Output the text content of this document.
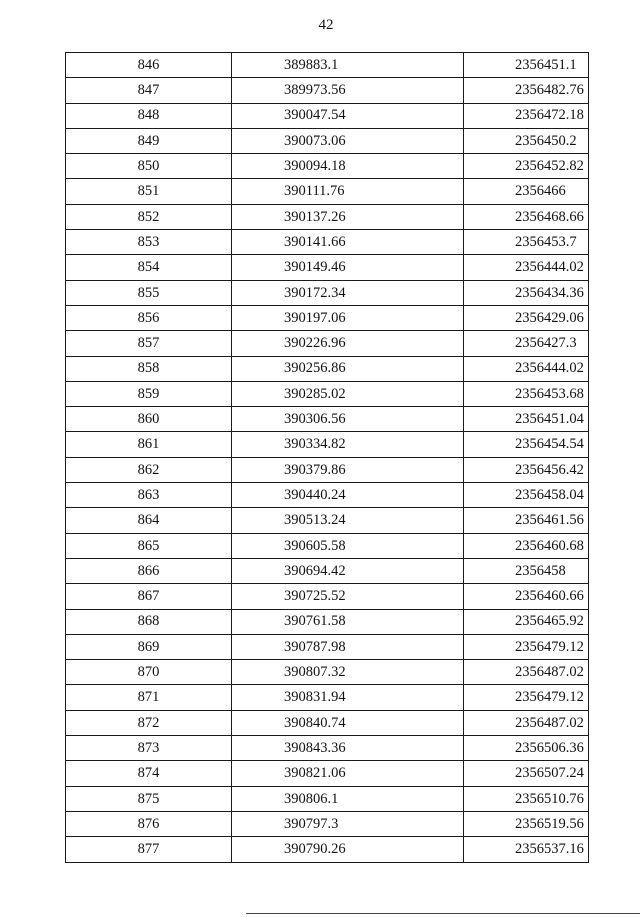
42
846	389883.1	2356451.1
847	389973.56	2356482.76
848	390047.54	2356472.18
849	390073.06	2356450.2
850	390094.18	2356452.82
851	390111.76	2356466
852	390137.26	2356468.66
853	390141.66	2356453.7
854	390149.46	2356444.02
855	390172.34	2356434.36
856	390197.06	2356429.06
857	390226.96	2356427.3
858	390256.86	2356444.02
859	390285.02	2356453.68
860	390306.56	2356451.04
861	390334.82	2356454.54
862	390379.86	2356456.42
863	390440.24	2356458.04
864	390513.24	2356461.56
865	390605.58	2356460.68
866	390694.42	2356458
867	390725.52	2356460.66
868	390761.58	2356465.92
869	390787.98	2356479.12
870	390807.32	2356487.02
871	390831.94	2356479.12
872	390840.74	2356487.02
873	390843.36	2356506.36
874	390821.06	2356507.24
875	390806.1	2356510.76
876	390797.3	2356519.56
877	390790.26	2356537.16
